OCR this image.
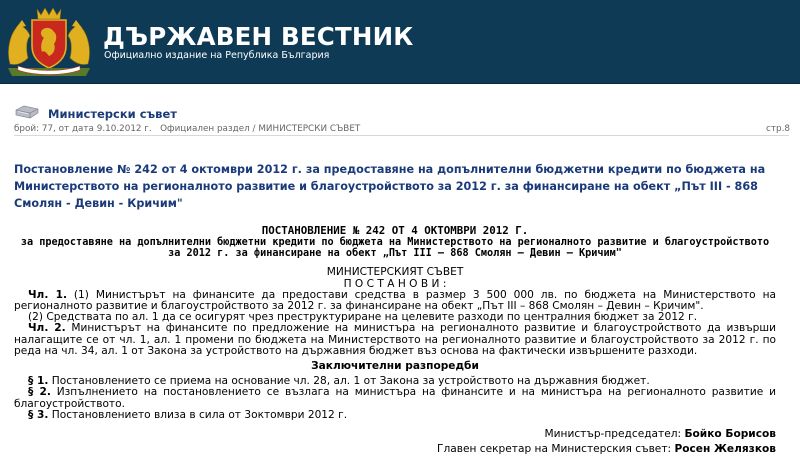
ДЪРЖАВЕН ВЕСТНИК
Официално издание на Република България
Министерски съвет
брой: 77, от дата 9.10.2012 г. Официален раздел / МИНИСТЕРСКИ СЪВЕТ	стр.8
Постановление № 242 от 4 октомври 2012 г. за предоставяне на допълнителни бюджетни кредити по бюджета на Министерството на регионалното развитие и благоустройството за 2012 г. за финансиране на обект „Път III - 868 Смолян - Девин - Кричим"
ПОСТАНОВЛЕНИЕ № 242 ОТ 4 ОКТОМВРИ 2012 Г.
за предоставяне на допълнителни бюджетни кредити по бюджета на Министерството на регионалното развитие и благоустройството за 2012 г. за финансиране на обект „Път III – 868 Смолян – Девин – Кричим"
МИНИСТЕРСКИЯТ СЪВЕТ
П О С Т А Н О В И :
Чл. 1. (1) Министърът на финансите да предостави средства в размер 3 500 000 лв. по бюджета на Министерството на регионалното развитие и благоустройството за 2012 г. за финансиране на обект „Път III – 868 Смолян – Девин – Кричим".
(2) Средствата по ал. 1 да се осигурят чрез преструктуриране на целевите разходи по централния бюджет за 2012 г.
Чл. 2. Министърът на финансите по предложение на министъра на регионалното развитие и благоустройството да извърши налагащите се от чл. 1, ал. 1 промени по бюджета на Министерството на регионалното развитие и благоустройството за 2012 г. по реда на чл. 34, ал. 1 от Закона за устройството на държавния бюджет въз основа на фактически извършените разходи.
Заключителни разпоредби
§ 1. Постановлението се приема на основание чл. 28, ал. 1 от Закона за устройството на държавния бюджет.
§ 2. Изпълнението на постановлението се възлага на министъра на финансите и на министъра на регионалното развитие и благоустройството.
§ 3. Постановлението влиза в сила от 3октомври 2012 г.
Министър-председател: Бойко Борисов
Главен секретар на Министерския съвет: Росен Желязков
